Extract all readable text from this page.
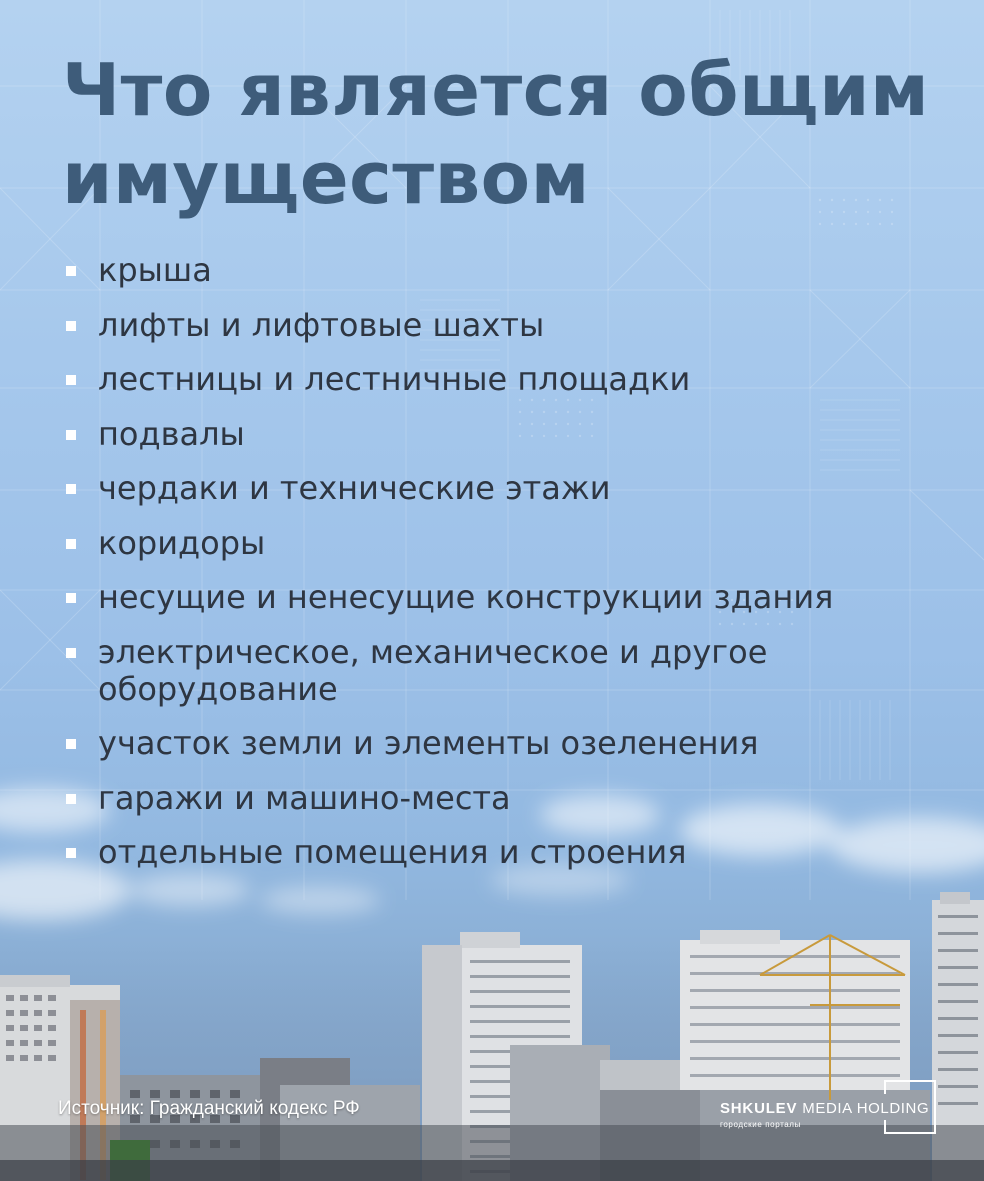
Что является общим имуществом
крыша
лифты и лифтовые шахты
лестницы и лестничные площадки
подвалы
чердаки и технические этажи
коридоры
несущие и ненесущие конструкции здания
электрическое, механическое и другое оборудование
участок земли и элементы озеленения
гаражи и машино-места
отдельные помещения и строения
Источник: Гражданский кодекс РФ	SHKULEV MEDIA HOLDING
городские порталы
